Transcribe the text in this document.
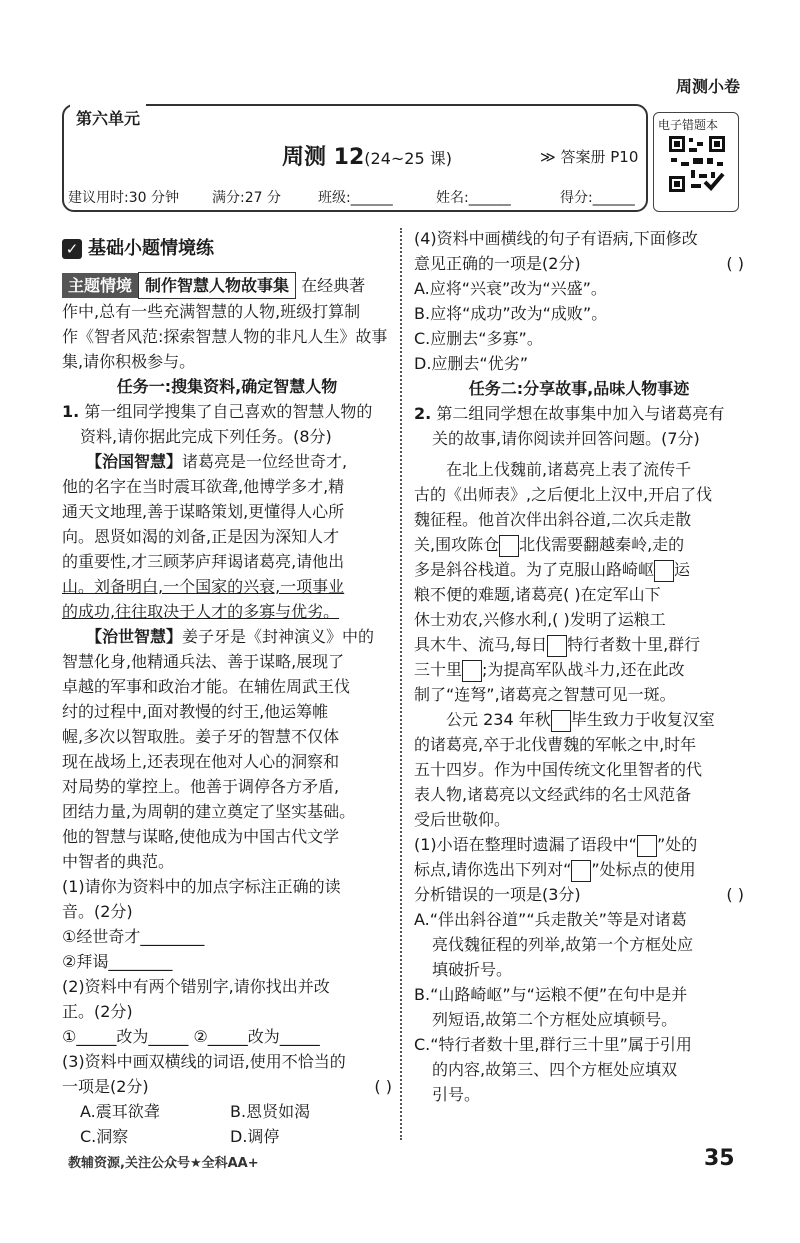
周测小卷
第六单元
周测 12(24~25 课)	≫ 答案册 P10
建议用时:30 分钟 满分:27 分	班级:______	姓名:______	得分:______
电子错题本
✓ 基础小题情境练
主题情境 制作智慧人物故事集 在经典著
作中,总有一些充满智慧的人物,班级打算制
作《智者风范:探索智慧人物的非凡人生》故事
集,请你积极参与。
任务一:搜集资料,确定智慧人物
1. 第一组同学搜集了自己喜欢的智慧人物的
资料,请你据此完成下列任务。(8分)
【治国智慧】诸葛亮是一位经世奇才,
他的名字在当时震耳欲聋,他博学多才,精
通天文地理,善于谋略策划,更懂得人心所
向。恩贤如渴的刘备,正是因为深知人才
的重要性,才三顾茅庐拜谒诸葛亮,请他出
山。刘备明白,一个国家的兴衰,一项事业
的成功,往往取决于人才的多寡与优劣。
【治世智慧】姜子牙是《封神演义》中的
智慧化身,他精通兵法、善于谋略,展现了
卓越的军事和政治才能。在辅佐周武王伐
纣的过程中,面对教慢的纣王,他运筹帷
幄,多次以智取胜。姜子牙的智慧不仅体
现在战场上,还表现在他对人心的洞察和
对局势的掌控上。他善于调停各方矛盾,
团结力量,为周朝的建立奠定了坚实基础。
他的智慧与谋略,使他成为中国古代文学
中智者的典范。
(1)请你为资料中的加点字标注正确的读
音。(2分)
①经世奇才________
②拜谒________
(2)资料中有两个错别字,请你找出并改
正。(2分)
①_____改为_____ ②_____改为_____
(3)资料中画双横线的词语,使用不恰当的
一项是(2分)	( )
A.震耳欲聋	B.恩贤如渴
C.洞察	D.调停
(4)资料中画横线的句子有语病,下面修改
意见正确的一项是(2分)	( )
A.应将“兴衰”改为“兴盛”。
B.应将“成功”改为“成败”。
C.应删去“多寡”。
D.应删去“优劣”
任务二:分享故事,品味人物事迹
2. 第二组同学想在故事集中加入与诸葛亮有
关的故事,请你阅读并回答问题。(7分)
在北上伐魏前,诸葛亮上表了流传千
古的《出师表》,之后便北上汉中,开启了伐
魏征程。他首次伴出斜谷道,二次兵走散
关,围攻陈仓 北伐需要翻越秦岭,走的
多是斜谷栈道。为了克服山路崎岖 运
粮不便的难题,诸葛亮( )在定军山下
休士劝农,兴修水利,( )发明了运粮工
具木牛、流马,每日 特行者数十里,群行
三十里 ;为提高军队战斗力,还在此改
制了“连弩”,诸葛亮之智慧可见一斑。
公元 234 年秋 毕生致力于收复汉室
的诸葛亮,卒于北伐曹魏的军帐之中,时年
五十四岁。作为中国传统文化里智者的代
表人物,诸葛亮以文经武纬的名士风范备
受后世敬仰。
(1)小语在整理时遗漏了语段中“ ”处的
标点,请你选出下列对“ ”处标点的使用
分析错误的一项是(3分)	( )
A.“伴出斜谷道”“兵走散关”等是对诸葛
亮伐魏征程的列举,故第一个方框处应
填破折号。
B.“山路崎岖”与“运粮不便”在句中是并
列短语,故第二个方框处应填顿号。
C.“特行者数十里,群行三十里”属于引用
的内容,故第三、四个方框处应填双
引号。
教辅资源,关注公众号★全科AA+	35
